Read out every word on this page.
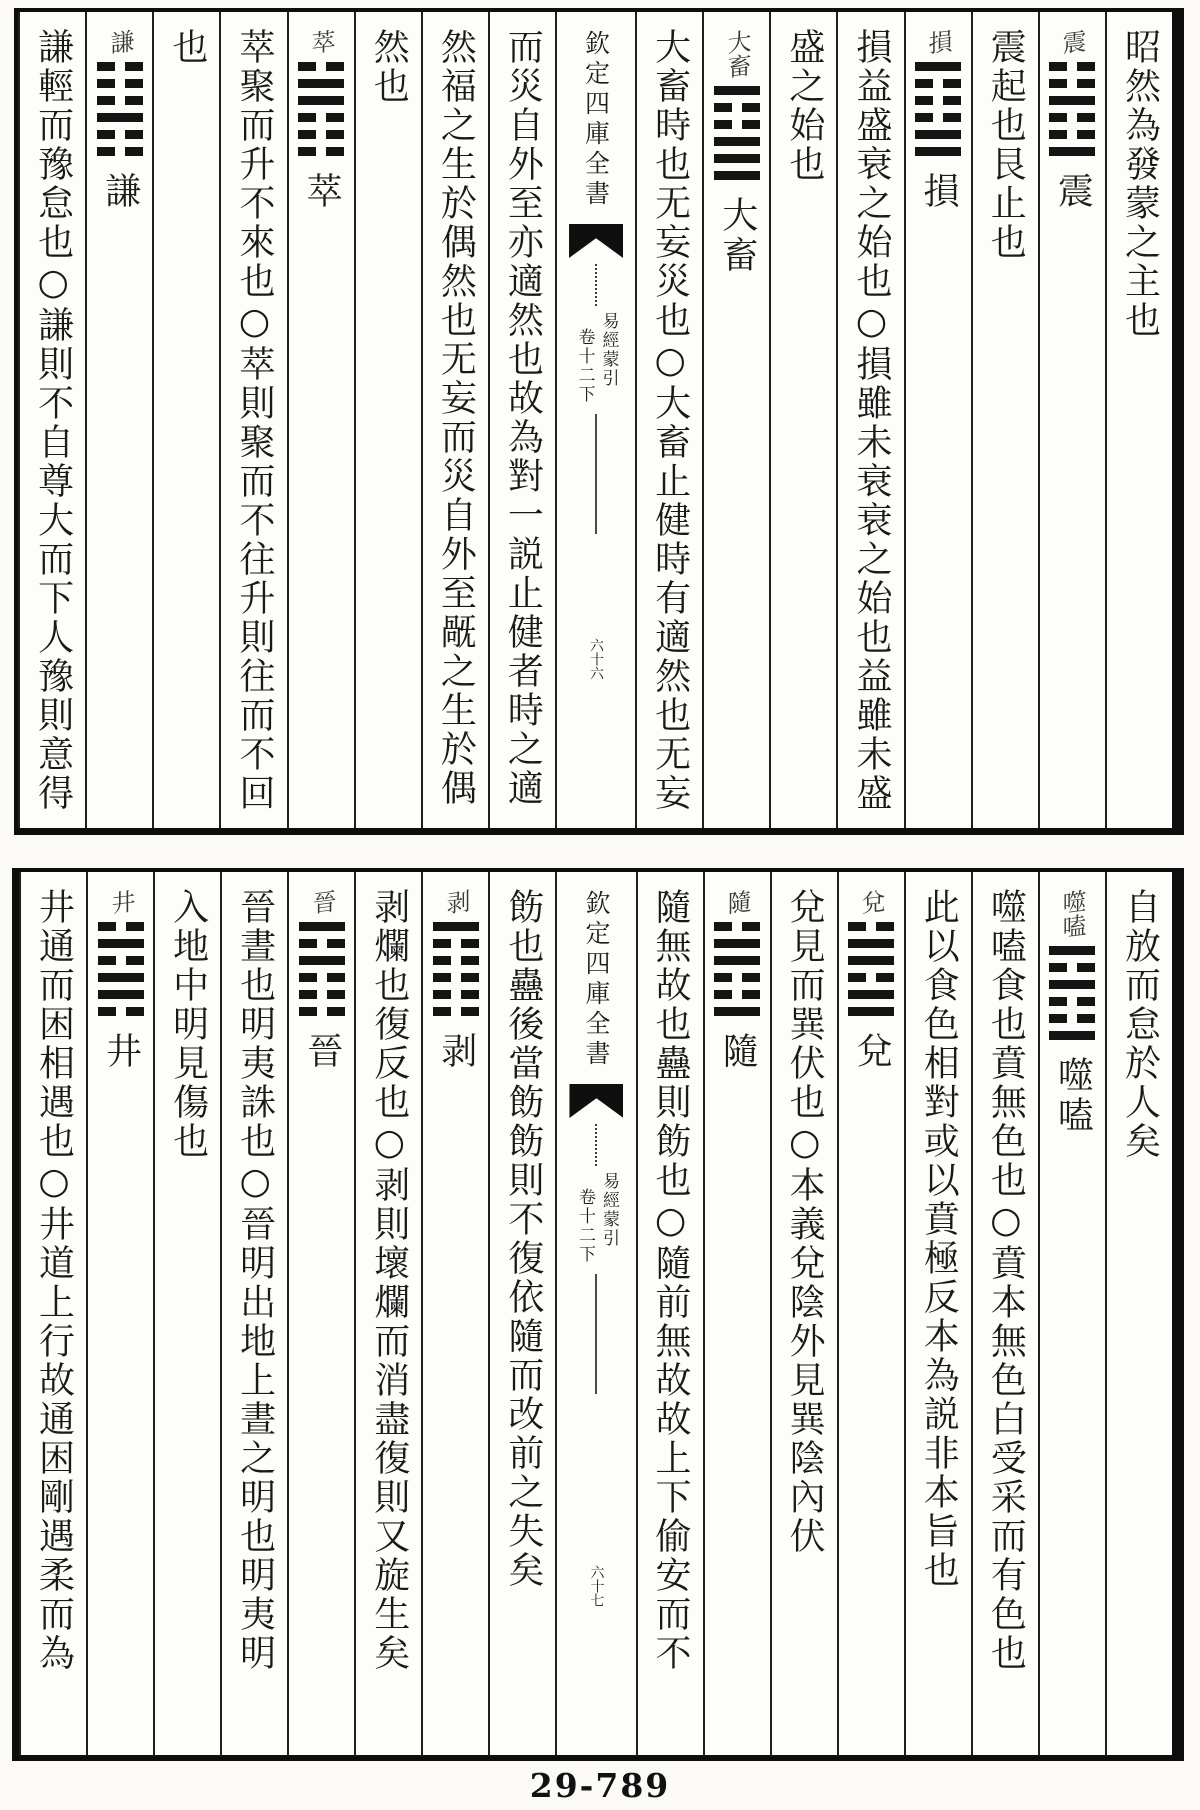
昭然為發蒙之主也
震
震
震起也艮止也
損
損
損益盛衰之始也○損雖未衰衰之始也益雖未盛
盛之始也
大畜
大畜
大畜時也无妄災也○大畜止健時有適然也无妄
欽定四庫全書
易經蒙引
卷十二下
六十六
而災自外至亦適然也故為對一説止健者時之適
然福之生於偶然也无妄而災自外至旤之生於偶
然也
萃
萃
萃聚而升不來也○萃則聚而不往升則往而不回
也
謙
謙
謙輕而豫怠也○謙則不自尊大而下人豫則意得
自放而怠於人矣
噬嗑
噬嗑
噬嗑食也賁無色也○賁本無色白受采而有色也
此以食色相對或以賁極反本為説非本旨也
兌
兌
兌見而巽伏也○本義兌陰外見巽陰內伏
隨
隨
隨無故也蠱則飭也○隨前無故故上下偷安而不
欽定四庫全書
易經蒙引
卷十二下
六十七
飭也蠱後當飭飭則不復依隨而改前之失矣
剥
剥
剥爛也復反也○剥則壞爛而消盡復則又旋生矣
晉
晉
晉晝也明夷誅也○晉明出地上晝之明也明夷明
入地中明見傷也
井
井
井通而困相遇也○井道上行故通困剛遇柔而為
29-789
